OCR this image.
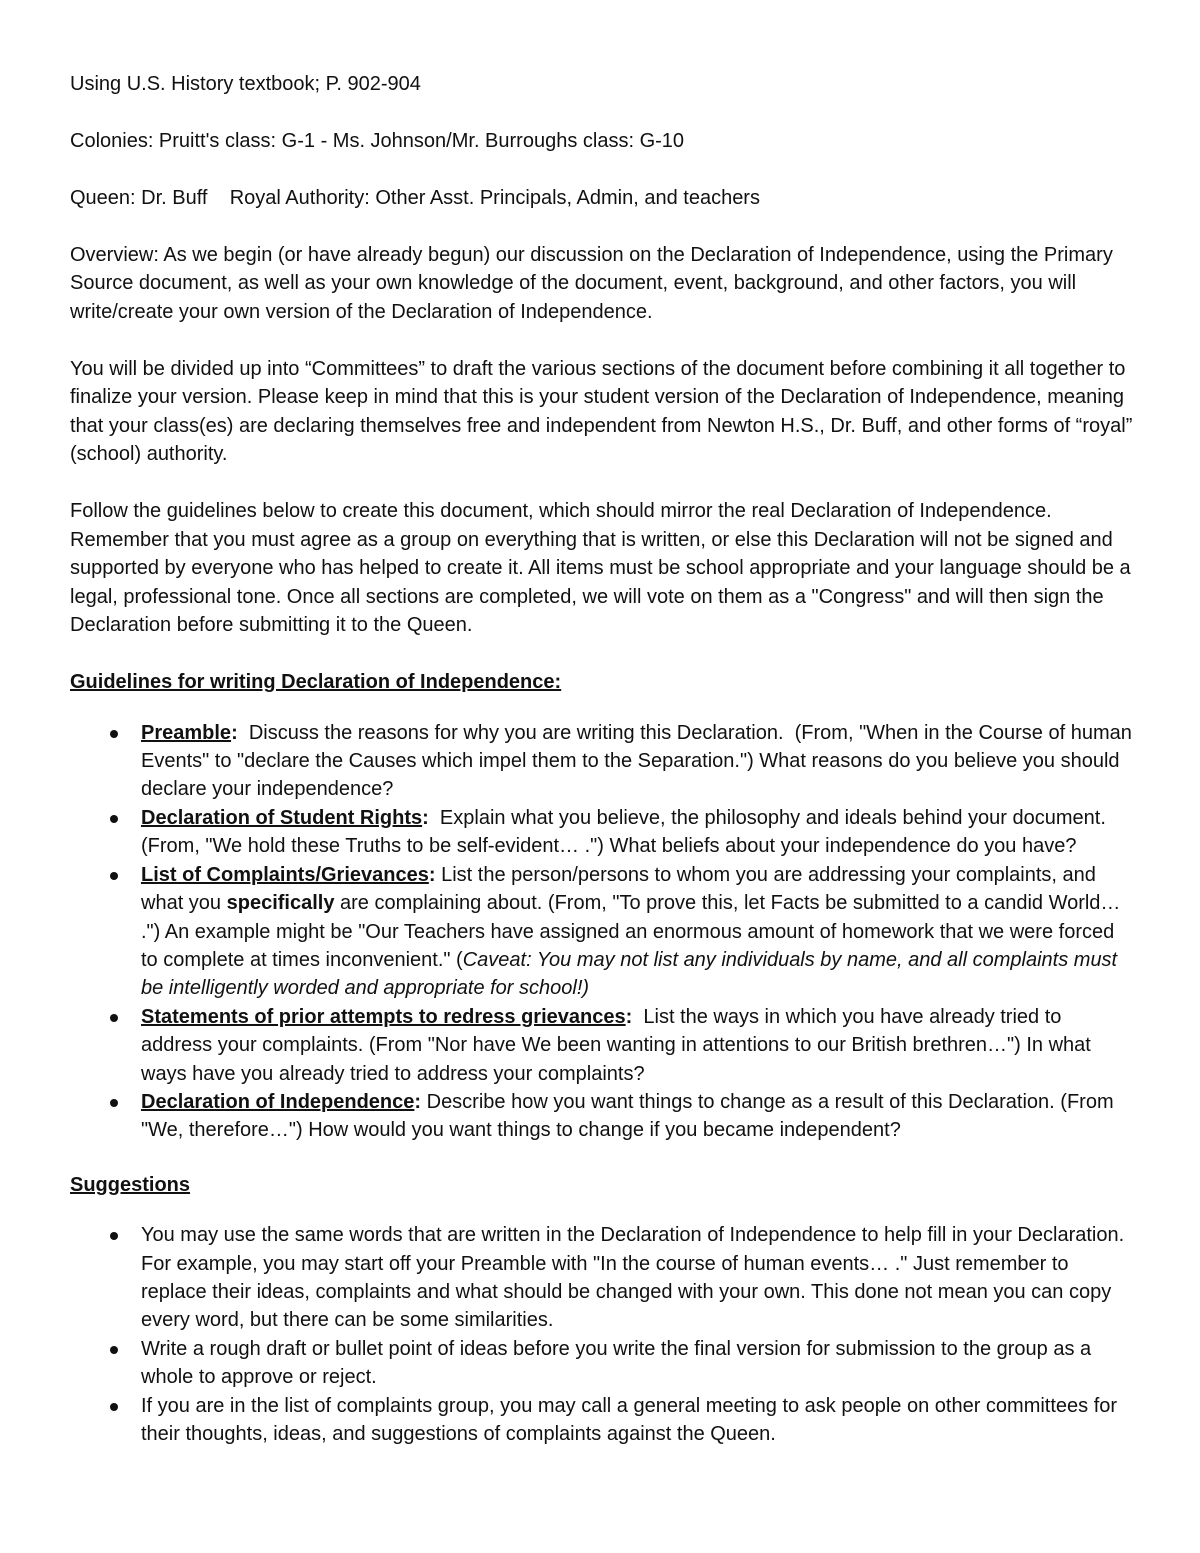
Using U.S. History textbook; P. 902-904

Colonies: Pruitt's class: G-1 - Ms. Johnson/Mr. Burroughs class: G-10

Queen: Dr. Buff    Royal Authority: Other Asst. Principals, Admin, and teachers

Overview: As we begin (or have already begun) our discussion on the Declaration of Independence, using the Primary Source document, as well as your own knowledge of the document, event, background, and other factors, you will write/create your own version of the Declaration of Independence.

You will be divided up into “Committees” to draft the various sections of the document before combining it all together to finalize your version. Please keep in mind that this is your student version of the Declaration of Independence, meaning that your class(es) are declaring themselves free and independent from Newton H.S., Dr. Buff, and other forms of “royal” (school) authority.

Follow the guidelines below to create this document, which should mirror the real Declaration of Independence. Remember that you must agree as a group on everything that is written, or else this Declaration will not be signed and supported by everyone who has helped to create it. All items must be school appropriate and your language should be a legal, professional tone. Once all sections are completed, we will vote on them as a "Congress" and will then sign the Declaration before submitting it to the Queen.

Guidelines for writing Declaration of Independence:

Preamble:  Discuss the reasons for why you are writing this Declaration.  (From, "When in the Course of human Events" to "declare the Causes which impel them to the Separation.") What reasons do you believe you should declare your independence?
Declaration of Student Rights:  Explain what you believe, the philosophy and ideals behind your document. (From, "We hold these Truths to be self-evident… .") What beliefs about your independence do you have?
List of Complaints/Grievances: List the person/persons to whom you are addressing your complaints, and what you specifically are complaining about. (From, "To prove this, let Facts be submitted to a candid World… .") An example might be "Our Teachers have assigned an enormous amount of homework that we were forced to complete at times inconvenient." (Caveat: You may not list any individuals by name, and all complaints must be intelligently worded and appropriate for school!)
Statements of prior attempts to redress grievances:  List the ways in which you have already tried to address your complaints. (From "Nor have We been wanting in attentions to our British brethren…") In what ways have you already tried to address your complaints?
Declaration of Independence: Describe how you want things to change as a result of this Declaration. (From "We, therefore…") How would you want things to change if you became independent?

Suggestions

You may use the same words that are written in the Declaration of Independence to help fill in your Declaration. For example, you may start off your Preamble with "In the course of human events… ." Just remember to replace their ideas, complaints and what should be changed with your own. This done not mean you can copy every word, but there can be some similarities.
Write a rough draft or bullet point of ideas before you write the final version for submission to the group as a whole to approve or reject.
If you are in the list of complaints group, you may call a general meeting to ask people on other committees for their thoughts, ideas, and suggestions of complaints against the Queen.
